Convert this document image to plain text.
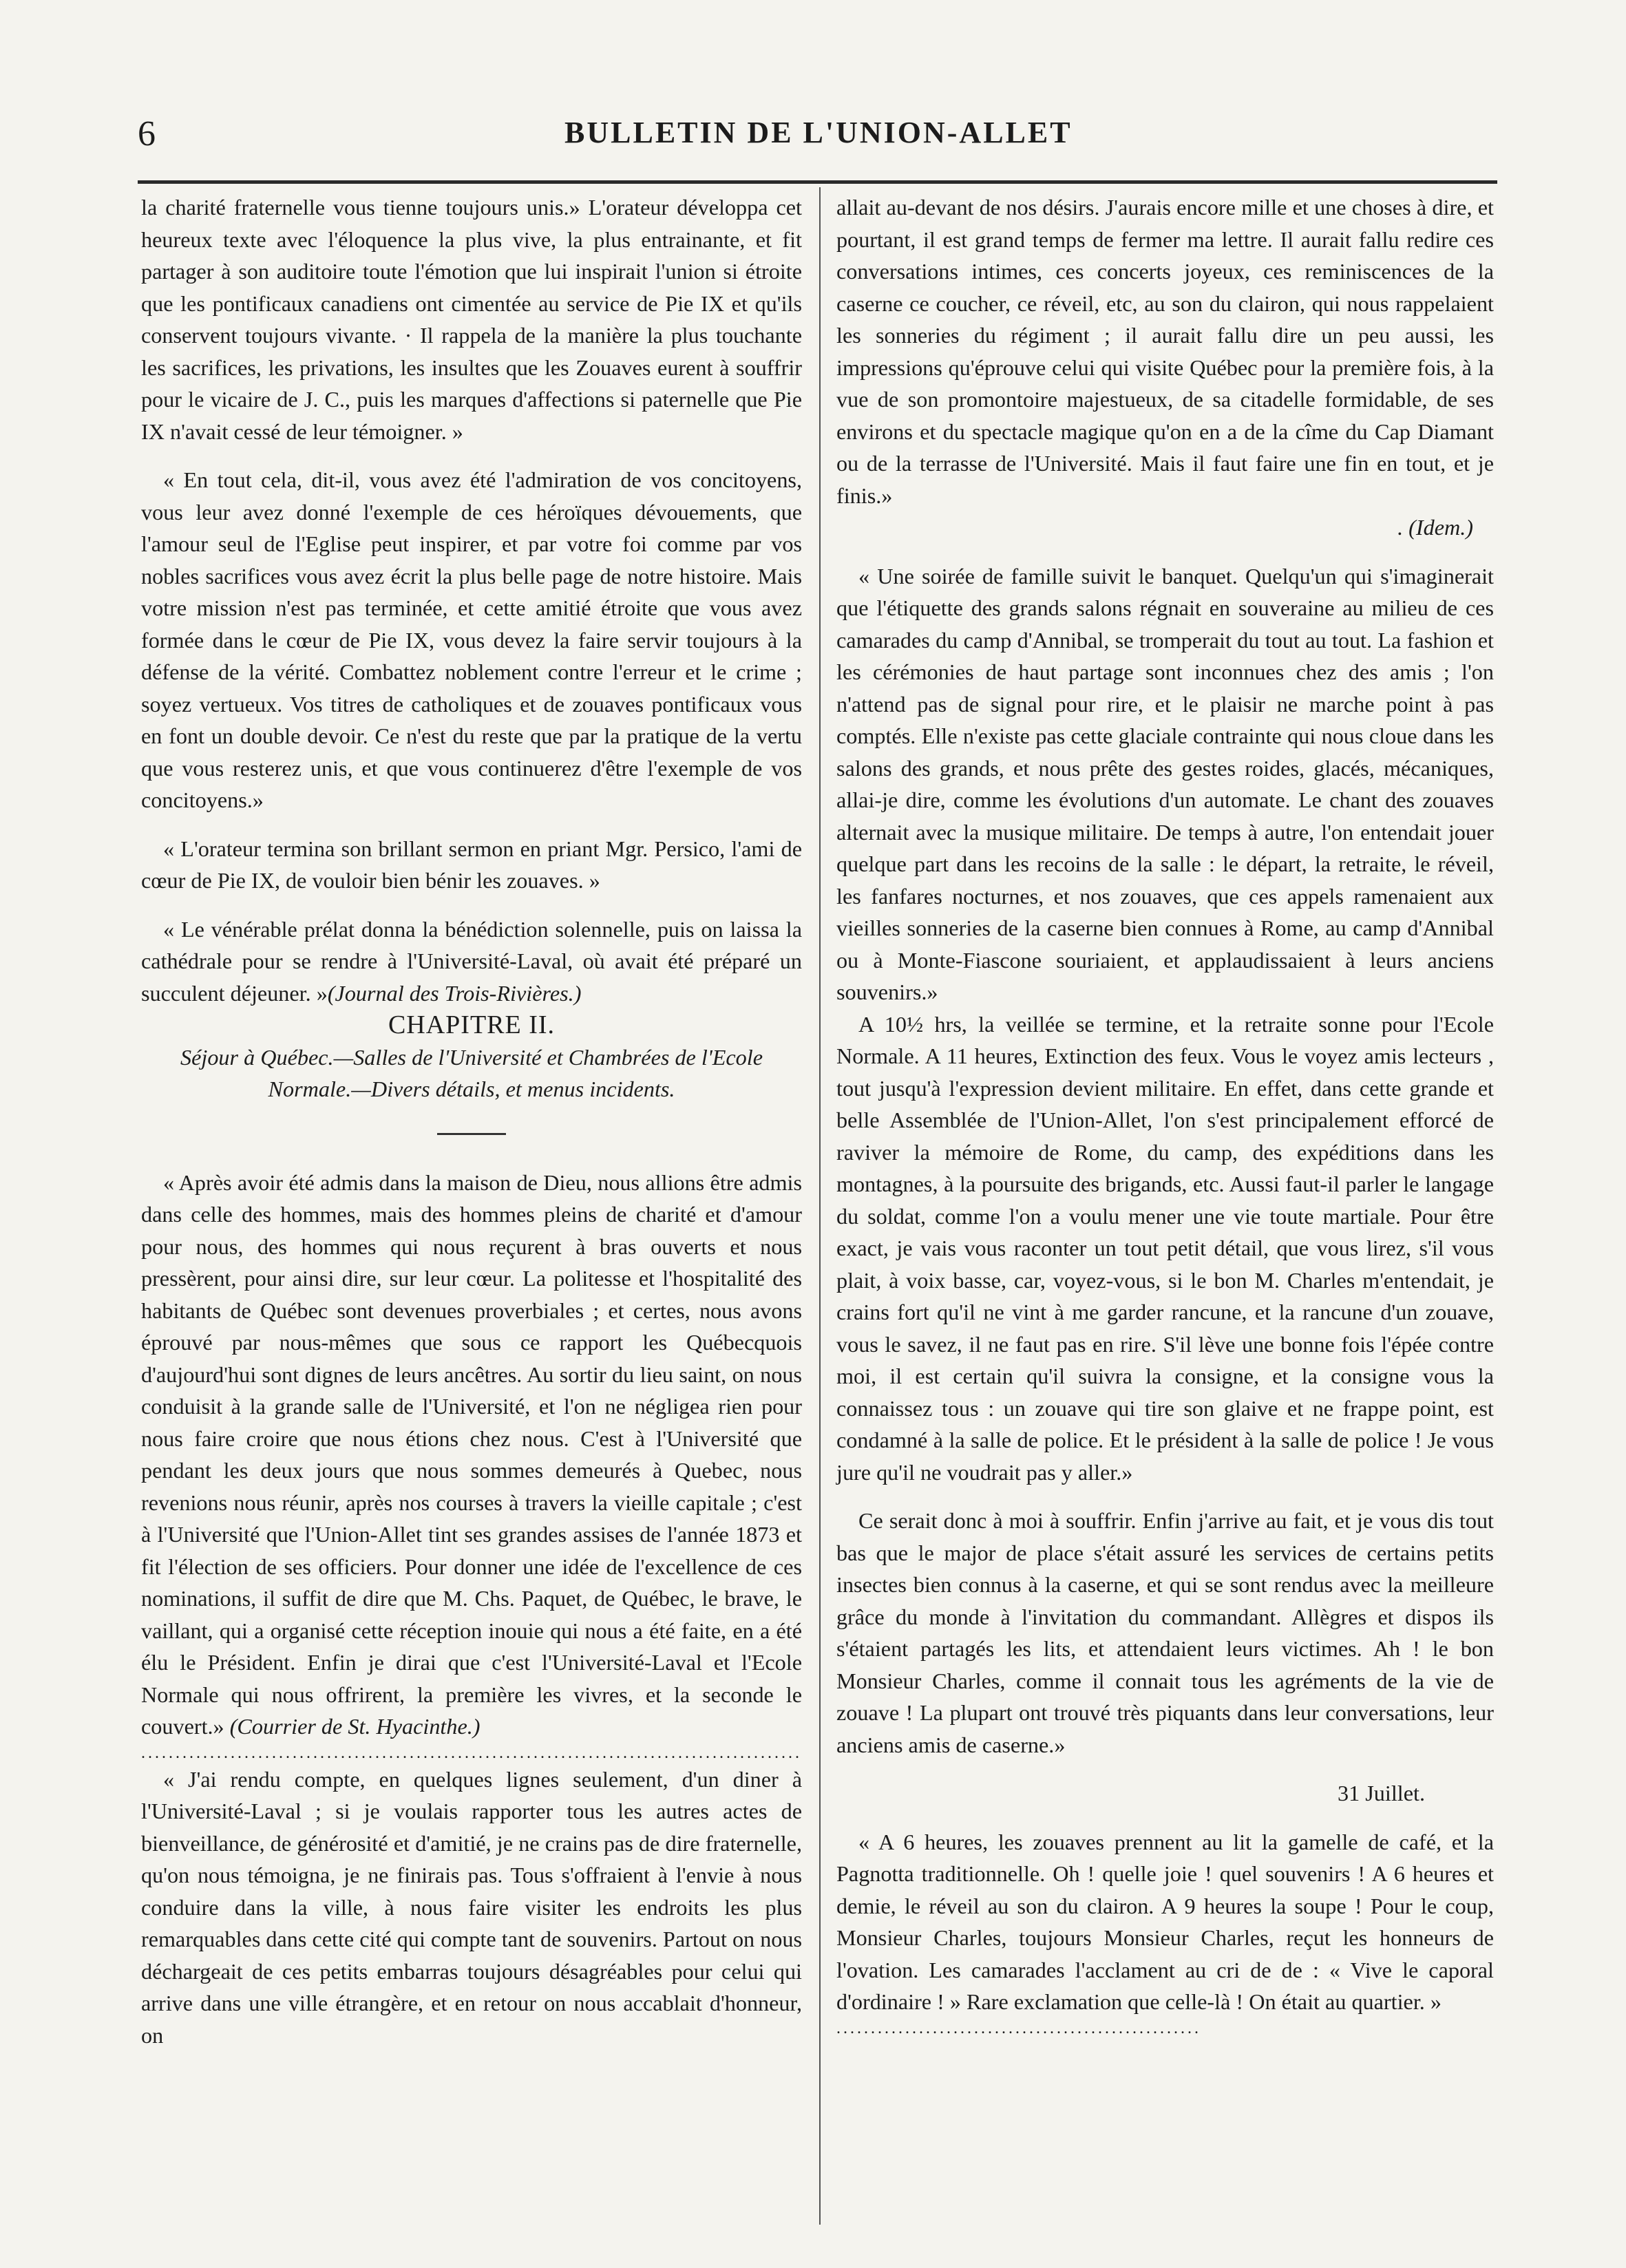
6	BULLETIN DE L'UNION-ALLET

la charité fraternelle vous tienne toujours unis.» L'orateur développa cet heureux texte avec l'éloquence la plus vive, la plus entrainante, et fit partager à son auditoire toute l'émotion que lui inspirait l'union si étroite que les pontificaux canadiens ont cimentée au service de Pie IX et qu'ils conservent toujours vivante. · Il rappela de la manière la plus touchante les sacrifices, les privations, les insultes que les Zouaves eurent à souffrir pour le vicaire de J. C., puis les marques d'affections si paternelle que Pie IX n'avait cessé de leur témoigner. »

« En tout cela, dit-il, vous avez été l'admiration de vos concitoyens, vous leur avez donné l'exemple de ces héroïques dévouements, que l'amour seul de l'Eglise peut inspirer, et par votre foi comme par vos nobles sacrifices vous avez écrit la plus belle page de notre histoire. Mais votre mission n'est pas terminée, et cette amitié étroite que vous avez formée dans le cœur de Pie IX, vous devez la faire servir toujours à la défense de la vérité. Combattez noblement contre l'erreur et le crime ; soyez vertueux. Vos titres de catholiques et de zouaves pontificaux vous en font un double devoir. Ce n'est du reste que par la pratique de la vertu que vous resterez unis, et que vous continuerez d'être l'exemple de vos concitoyens.»

« L'orateur termina son brillant sermon en priant Mgr. Persico, l'ami de cœur de Pie IX, de vouloir bien bénir les zouaves. »

« Le vénérable prélat donna la bénédiction solennelle, puis on laissa la cathédrale pour se rendre à l'Université-Laval, où avait été préparé un succulent déjeuner. »(Journal des Trois-Rivières.)

CHAPITRE II.

Séjour à Québec.—Salles de l'Université et Chambrées de l'Ecole Normale.—Divers détails, et menus incidents.

« Après avoir été admis dans la maison de Dieu, nous allions être admis dans celle des hommes, mais des hommes pleins de charité et d'amour pour nous, des hommes qui nous reçurent à bras ouverts et nous pressèrent, pour ainsi dire, sur leur cœur. La politesse et l'hospitalité des habitants de Québec sont devenues proverbiales ; et certes, nous avons éprouvé par nous-mêmes que sous ce rapport les Québecquois d'aujourd'hui sont dignes de leurs ancêtres. Au sortir du lieu saint, on nous conduisit à la grande salle de l'Université, et l'on ne négligea rien pour nous faire croire que nous étions chez nous. C'est à l'Université que pendant les deux jours que nous sommes demeurés à Quebec, nous revenions nous réunir, après nos courses à travers la vieille capitale ; c'est à l'Université que l'Union-Allet tint ses grandes assises de l'année 1873 et fit l'élection de ses officiers. Pour donner une idée de l'excellence de ces nominations, il suffit de dire que M. Chs. Paquet, de Québec, le brave, le vaillant, qui a organisé cette réception inouie qui nous a été faite, en a été élu le Président. Enfin je dirai que c'est l'Université-Laval et l'Ecole Normale qui nous offrirent, la première les vivres, et la seconde le couvert.» (Courrier de St. Hyacinthe.)

................................................................................................

« J'ai rendu compte, en quelques lignes seulement, d'un diner à l'Université-Laval ; si je voulais rapporter tous les autres actes de bienveillance, de générosité et d'amitié, je ne crains pas de dire fraternelle, qu'on nous témoigna, je ne finirais pas. Tous s'offraient à l'envie à nous conduire dans la ville, à nous faire visiter les endroits les plus remarquables dans cette cité qui compte tant de souvenirs. Partout on nous déchargeait de ces petits embarras toujours désagréables pour celui qui arrive dans une ville étrangère, et en retour on nous accablait d'honneur, on

allait au-devant de nos désirs. J'aurais encore mille et une choses à dire, et pourtant, il est grand temps de fermer ma lettre. Il aurait fallu redire ces conversations intimes, ces concerts joyeux, ces reminiscences de la caserne ce coucher, ce réveil, etc, au son du clairon, qui nous rappelaient les sonneries du régiment ; il aurait fallu dire un peu aussi, les impressions qu'éprouve celui qui visite Québec pour la première fois, à la vue de son promontoire majestueux, de sa citadelle formidable, de ses environs et du spectacle magique qu'on en a de la cîme du Cap Diamant ou de la terrasse de l'Université. Mais il faut faire une fin en tout, et je finis.»

. (Idem.)

« Une soirée de famille suivit le banquet. Quelqu'un qui s'imaginerait que l'étiquette des grands salons régnait en souveraine au milieu de ces camarades du camp d'Annibal, se tromperait du tout au tout. La fashion et les cérémonies de haut partage sont inconnues chez des amis ; l'on n'attend pas de signal pour rire, et le plaisir ne marche point à pas comptés. Elle n'existe pas cette glaciale contrainte qui nous cloue dans les salons des grands, et nous prête des gestes roides, glacés, mécaniques, allai-je dire, comme les évolutions d'un automate. Le chant des zouaves alternait avec la musique militaire. De temps à autre, l'on entendait jouer quelque part dans les recoins de la salle : le départ, la retraite, le réveil, les fanfares nocturnes, et nos zouaves, que ces appels ramenaient aux vieilles sonneries de la caserne bien connues à Rome, au camp d'Annibal ou à Monte-Fiascone souriaient, et applaudissaient à leurs anciens souvenirs.»

A 10½ hrs, la veillée se termine, et la retraite sonne pour l'Ecole Normale. A 11 heures, Extinction des feux. Vous le voyez amis lecteurs , tout jusqu'à l'expression devient militaire. En effet, dans cette grande et belle Assemblée de l'Union-Allet, l'on s'est principalement efforcé de raviver la mémoire de Rome, du camp, des expéditions dans les montagnes, à la poursuite des brigands, etc. Aussi faut-il parler le langage du soldat, comme l'on a voulu mener une vie toute martiale. Pour être exact, je vais vous raconter un tout petit détail, que vous lirez, s'il vous plait, à voix basse, car, voyez-vous, si le bon M. Charles m'entendait, je crains fort qu'il ne vint à me garder rancune, et la rancune d'un zouave, vous le savez, il ne faut pas en rire. S'il lève une bonne fois l'épée contre moi, il est certain qu'il suivra la consigne, et la consigne vous la connaissez tous : un zouave qui tire son glaive et ne frappe point, est condamné à la salle de police. Et le président à la salle de police ! Je vous jure qu'il ne voudrait pas y aller.»

Ce serait donc à moi à souffrir. Enfin j'arrive au fait, et je vous dis tout bas que le major de place s'était assuré les services de certains petits insectes bien connus à la caserne, et qui se sont rendus avec la meilleure grâce du monde à l'invitation du commandant. Allègres et dispos ils s'étaient partagés les lits, et attendaient leurs victimes. Ah ! le bon Monsieur Charles, comme il connait tous les agréments de la vie de zouave ! La plupart ont trouvé très piquants dans leur conversations, leur anciens amis de caserne.»

31 Juillet.

« A 6 heures, les zouaves prennent au lit la gamelle de café, et la Pagnotta traditionnelle. Oh ! quelle joie ! quel souvenirs ! A 6 heures et demie, le réveil au son du clairon. A 9 heures la soupe ! Pour le coup, Monsieur Charles, toujours Monsieur Charles, reçut les honneurs de l'ovation. Les camarades l'acclament au cri de de : « Vive le caporal d'ordinaire ! » Rare exclamation que celle-là ! On était au quartier. »

.....................................................
